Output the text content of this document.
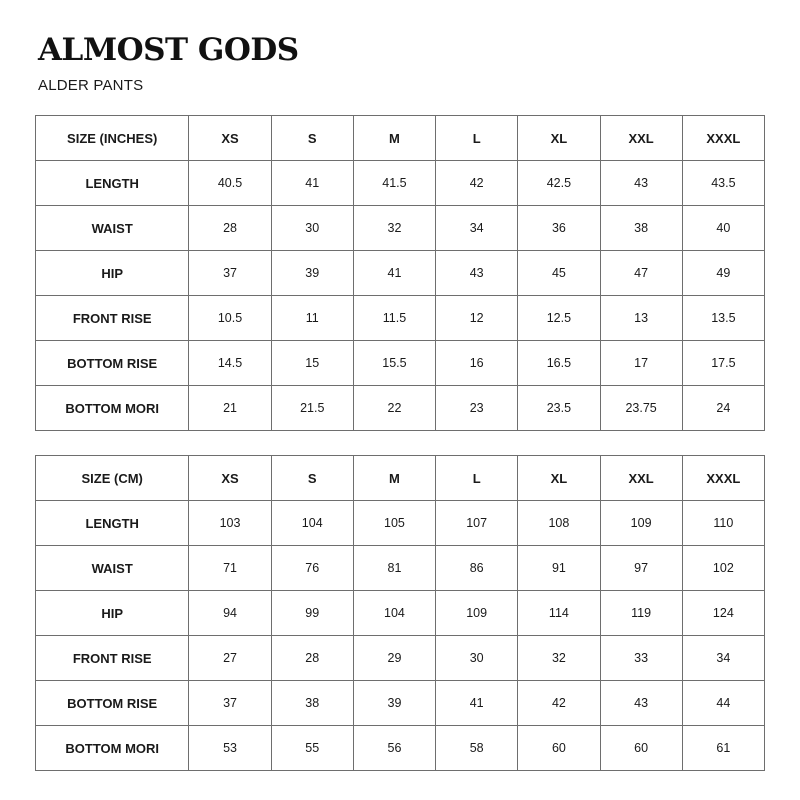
ALMOST GODS
ALDER PANTS
SIZE (INCHES)	XS	S	M	L	XL	XXL	XXXL
LENGTH	40.5	41	41.5	42	42.5	43	43.5
WAIST	28	30	32	34	36	38	40
HIP	37	39	41	43	45	47	49
FRONT RISE	10.5	11	11.5	12	12.5	13	13.5
BOTTOM RISE	14.5	15	15.5	16	16.5	17	17.5
BOTTOM MORI	21	21.5	22	23	23.5	23.75	24
SIZE (CM)	XS	S	M	L	XL	XXL	XXXL
LENGTH	103	104	105	107	108	109	110
WAIST	71	76	81	86	91	97	102
HIP	94	99	104	109	114	119	124
FRONT RISE	27	28	29	30	32	33	34
BOTTOM RISE	37	38	39	41	42	43	44
BOTTOM MORI	53	55	56	58	60	60	61
